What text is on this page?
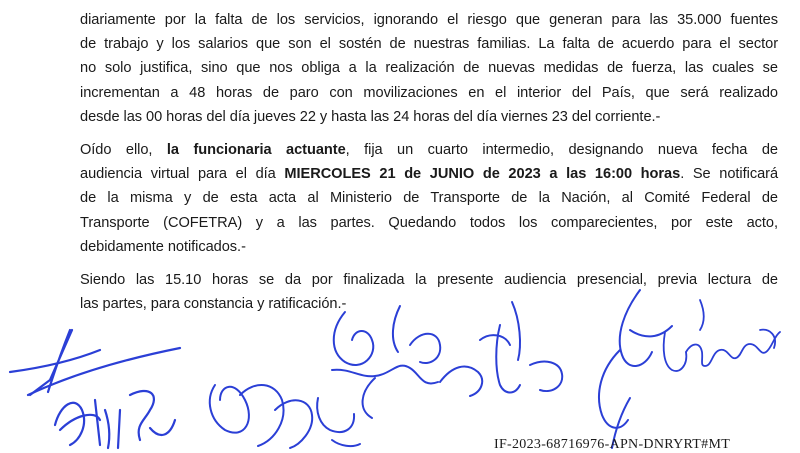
diariamente por la falta de los servicios, ignorando el riesgo que generan para las 35.000 fuentes
de trabajo y los salarios que son el sostén de nuestras familias. La falta de acuerdo para el sector
no solo justifica, sino que nos obliga a la realización de nuevas medidas de fuerza, las cuales se
incrementan a 48 horas de paro con movilizaciones en el interior del País, que será realizado
desde las 00 horas del día jueves 22 y hasta las 24 horas del día viernes 23 del corriente.-
Oído ello, la funcionaria actuante, fija un cuarto intermedio, designando nueva fecha de
audiencia virtual para el día MIERCOLES 21 de JUNIO de 2023 a las 16:00 horas. Se notificará
de la misma y de esta acta al Ministerio de Transporte de la Nación, al Comité Federal de
Transporte (COFETRA) y a las partes. Quedando todos los comparecientes, por este acto,
debidamente notificados.-
Siendo las 15.10 horas se da por finalizada la presente audiencia presencial, previa lectura de
las partes, para constancia y ratificación.-
IF-2023-68716976-APN-DNRYRT#MT
